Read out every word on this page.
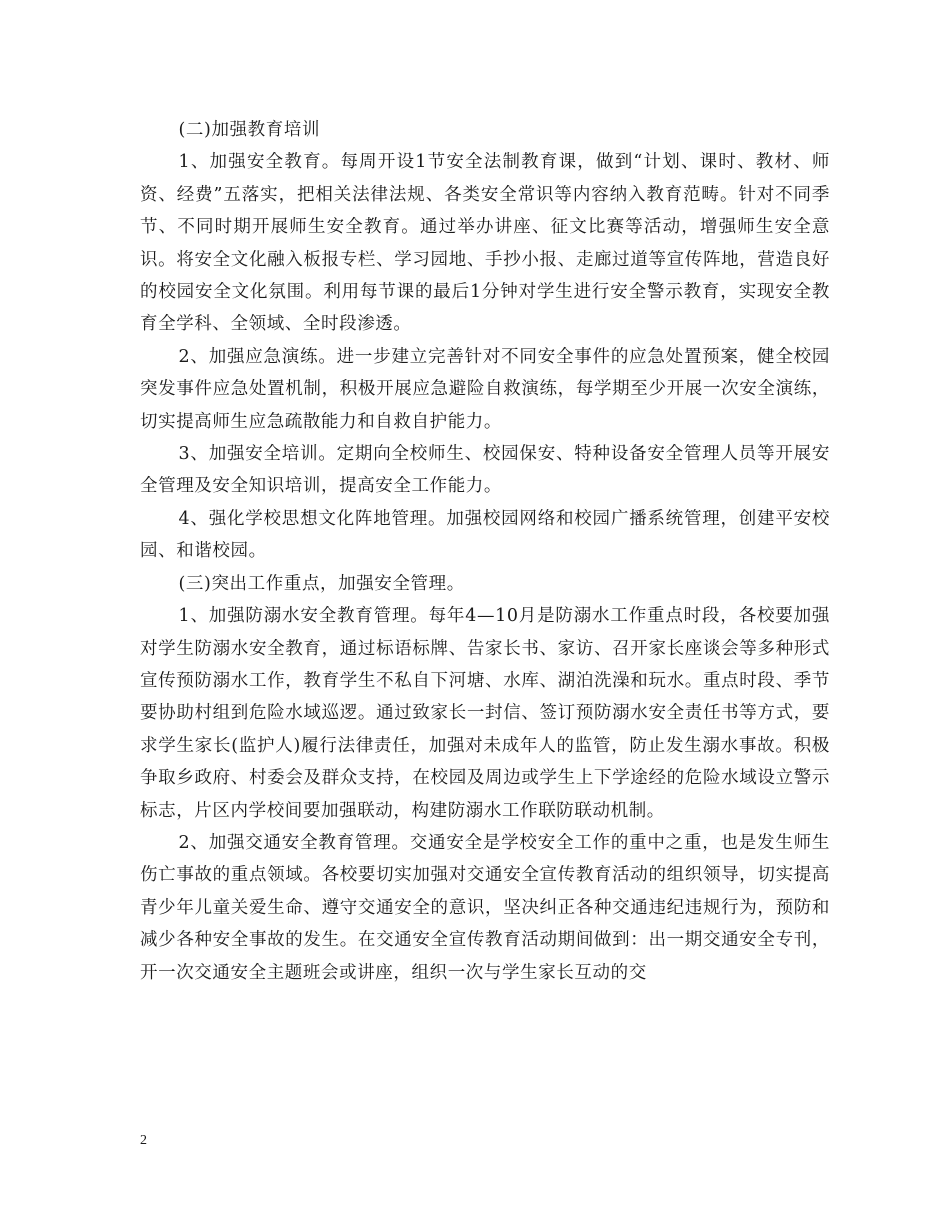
(二)加强教育培训

1、加强安全教育。每周开设1节安全法制教育课，做到“计划、课时、教材、师资、经费”五落实，把相关法律法规、各类安全常识等内容纳入教育范畴。针对不同季节、不同时期开展师生安全教育。通过举办讲座、征文比赛等活动，增强师生安全意识。将安全文化融入板报专栏、学习园地、手抄小报、走廊过道等宣传阵地，营造良好的校园安全文化氛围。利用每节课的最后1分钟对学生进行安全警示教育，实现安全教育全学科、全领域、全时段渗透。

2、加强应急演练。进一步建立完善针对不同安全事件的应急处置预案，健全校园突发事件应急处置机制，积极开展应急避险自救演练，每学期至少开展一次安全演练，切实提高师生应急疏散能力和自救自护能力。

3、加强安全培训。定期向全校师生、校园保安、特种设备安全管理人员等开展安全管理及安全知识培训，提高安全工作能力。

4、强化学校思想文化阵地管理。加强校园网络和校园广播系统管理，创建平安校园、和谐校园。

(三)突出工作重点，加强安全管理。

1、加强防溺水安全教育管理。每年4—10月是防溺水工作重点时段，各校要加强对学生防溺水安全教育，通过标语标牌、告家长书、家访、召开家长座谈会等多种形式宣传预防溺水工作，教育学生不私自下河塘、水库、湖泊洗澡和玩水。重点时段、季节要协助村组到危险水域巡逻。通过致家长一封信、签订预防溺水安全责任书等方式，要求学生家长(监护人)履行法律责任，加强对未成年人的监管，防止发生溺水事故。积极争取乡政府、村委会及群众支持，在校园及周边或学生上下学途经的危险水域设立警示标志，片区内学校间要加强联动，构建防溺水工作联防联动机制。

2、加强交通安全教育管理。交通安全是学校安全工作的重中之重，也是发生师生伤亡事故的重点领域。各校要切实加强对交通安全宣传教育活动的组织领导，切实提高青少年儿童关爱生命、遵守交通安全的意识，坚决纠正各种交通违纪违规行为，预防和减少各种安全事故的发生。在交通安全宣传教育活动期间做到：出一期交通安全专刊，开一次交通安全主题班会或讲座，组织一次与学生家长互动的交

2
